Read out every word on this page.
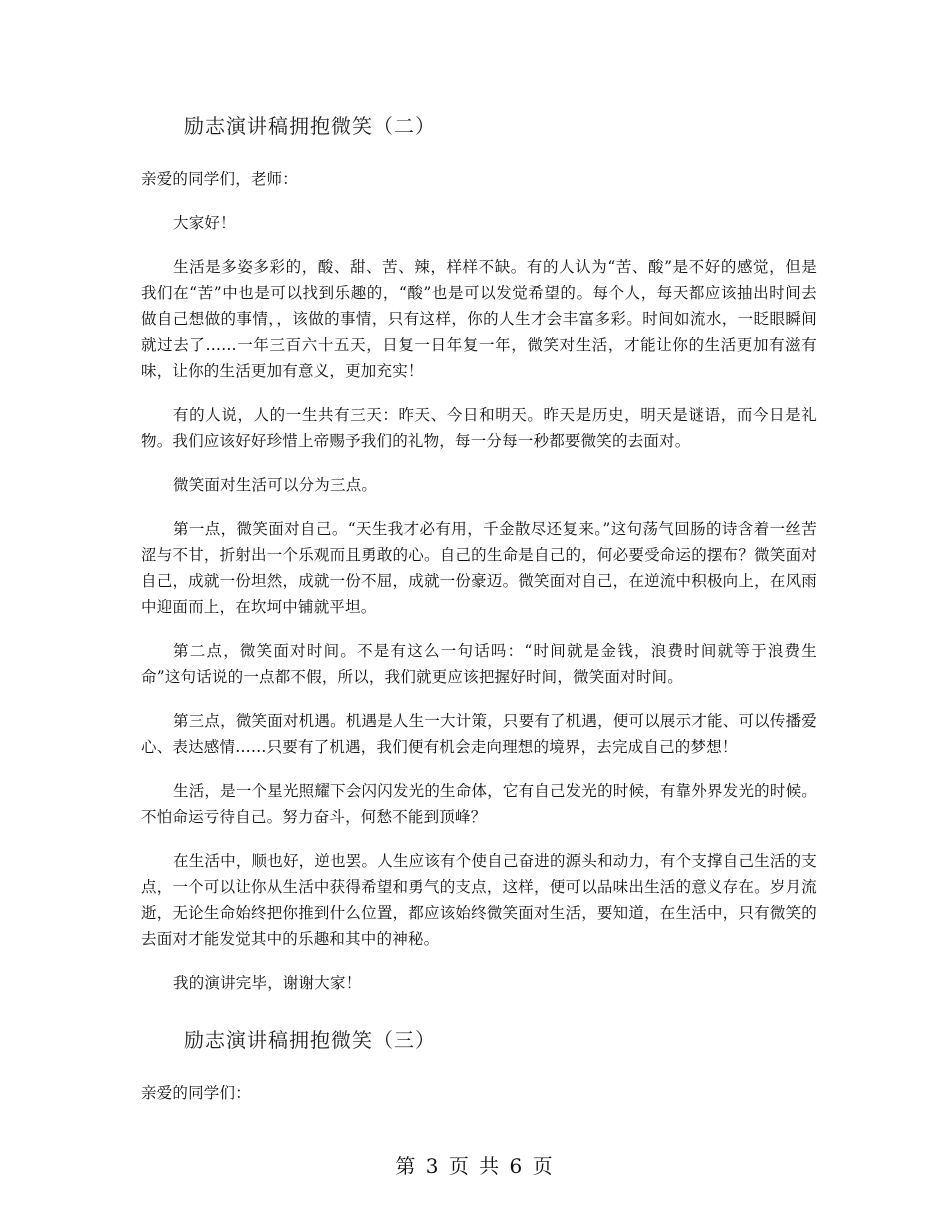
励志演讲稿拥抱微笑（二）

亲爱的同学们，老师：

大家好！

生活是多姿多彩的，酸、甜、苦、辣，样样不缺。有的人认为“苦、酸”是不好的感觉，但是我们在“苦”中也是可以找到乐趣的，“酸”也是可以发觉希望的。每个人，每天都应该抽出时间去做自己想做的事情，，该做的事情，只有这样，你的人生才会丰富多彩。时间如流水，一眨眼瞬间就过去了……一年三百六十五天，日复一日年复一年，微笑对生活，才能让你的生活更加有滋有味，让你的生活更加有意义，更加充实！

有的人说，人的一生共有三天：昨天、今日和明天。昨天是历史，明天是谜语，而今日是礼物。我们应该好好珍惜上帝赐予我们的礼物，每一分每一秒都要微笑的去面对。

微笑面对生活可以分为三点。

第一点，微笑面对自己。“天生我才必有用，千金散尽还复来。”这句荡气回肠的诗含着一丝苦涩与不甘，折射出一个乐观而且勇敢的心。自己的生命是自己的，何必要受命运的摆布？微笑面对自己，成就一份坦然，成就一份不屈，成就一份豪迈。微笑面对自己，在逆流中积极向上，在风雨中迎面而上，在坎坷中铺就平坦。

第二点，微笑面对时间。不是有这么一句话吗：“时间就是金钱，浪费时间就等于浪费生命”这句话说的一点都不假，所以，我们就更应该把握好时间，微笑面对时间。

第三点，微笑面对机遇。机遇是人生一大计策，只要有了机遇，便可以展示才能、可以传播爱心、表达感情……只要有了机遇，我们便有机会走向理想的境界，去完成自己的梦想！

生活，是一个星光照耀下会闪闪发光的生命体，它有自己发光的时候，有靠外界发光的时候。不怕命运亏待自己。努力奋斗，何愁不能到顶峰？

在生活中，顺也好，逆也罢。人生应该有个使自己奋进的源头和动力，有个支撑自己生活的支点，一个可以让你从生活中获得希望和勇气的支点，这样，便可以品味出生活的意义存在。岁月流逝，无论生命始终把你推到什么位置，都应该始终微笑面对生活，要知道，在生活中，只有微笑的去面对才能发觉其中的乐趣和其中的神秘。

我的演讲完毕，谢谢大家！

励志演讲稿拥抱微笑（三）

亲爱的同学们：

第 3 页 共 6 页
